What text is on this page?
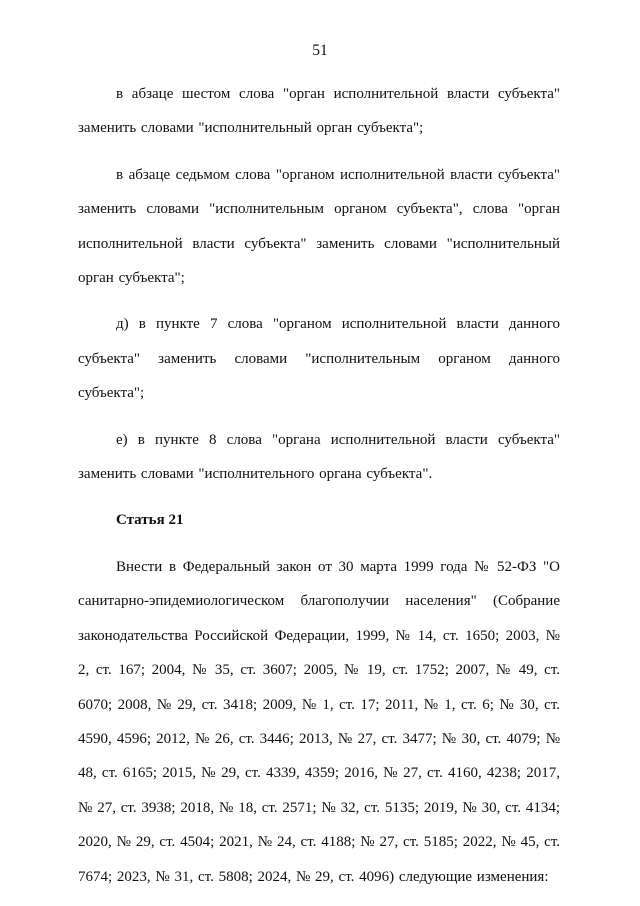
51

в абзаце шестом слова "орган исполнительной власти субъекта" заменить словами "исполнительный орган субъекта";

в абзаце седьмом слова "органом исполнительной власти субъекта" заменить словами "исполнительным органом субъекта", слова "орган исполнительной власти субъекта" заменить словами "исполнительный орган субъекта";

д) в пункте 7 слова "органом исполнительной власти данного субъекта" заменить словами "исполнительным органом данного субъекта";

е) в пункте 8 слова "органа исполнительной власти субъекта" заменить словами "исполнительного органа субъекта".

Статья 21

Внести в Федеральный закон от 30 марта 1999 года № 52-ФЗ "О санитарно-эпидемиологическом благополучии населения" (Собрание законодательства Российской Федерации, 1999, № 14, ст. 1650; 2003, № 2, ст. 167; 2004, № 35, ст. 3607; 2005, № 19, ст. 1752; 2007, № 49, ст. 6070; 2008, № 29, ст. 3418; 2009, № 1, ст. 17; 2011, № 1, ст. 6; № 30, ст. 4590, 4596; 2012, № 26, ст. 3446; 2013, № 27, ст. 3477; № 30, ст. 4079; № 48, ст. 6165; 2015, № 29, ст. 4339, 4359; 2016, № 27, ст. 4160, 4238; 2017, № 27, ст. 3938; 2018, № 18, ст. 2571; № 32, ст. 5135; 2019, № 30, ст. 4134; 2020, № 29, ст. 4504; 2021, № 24, ст. 4188; № 27, ст. 5185; 2022, № 45, ст. 7674; 2023, № 31, ст. 5808; 2024, № 29, ст. 4096) следующие изменения:
